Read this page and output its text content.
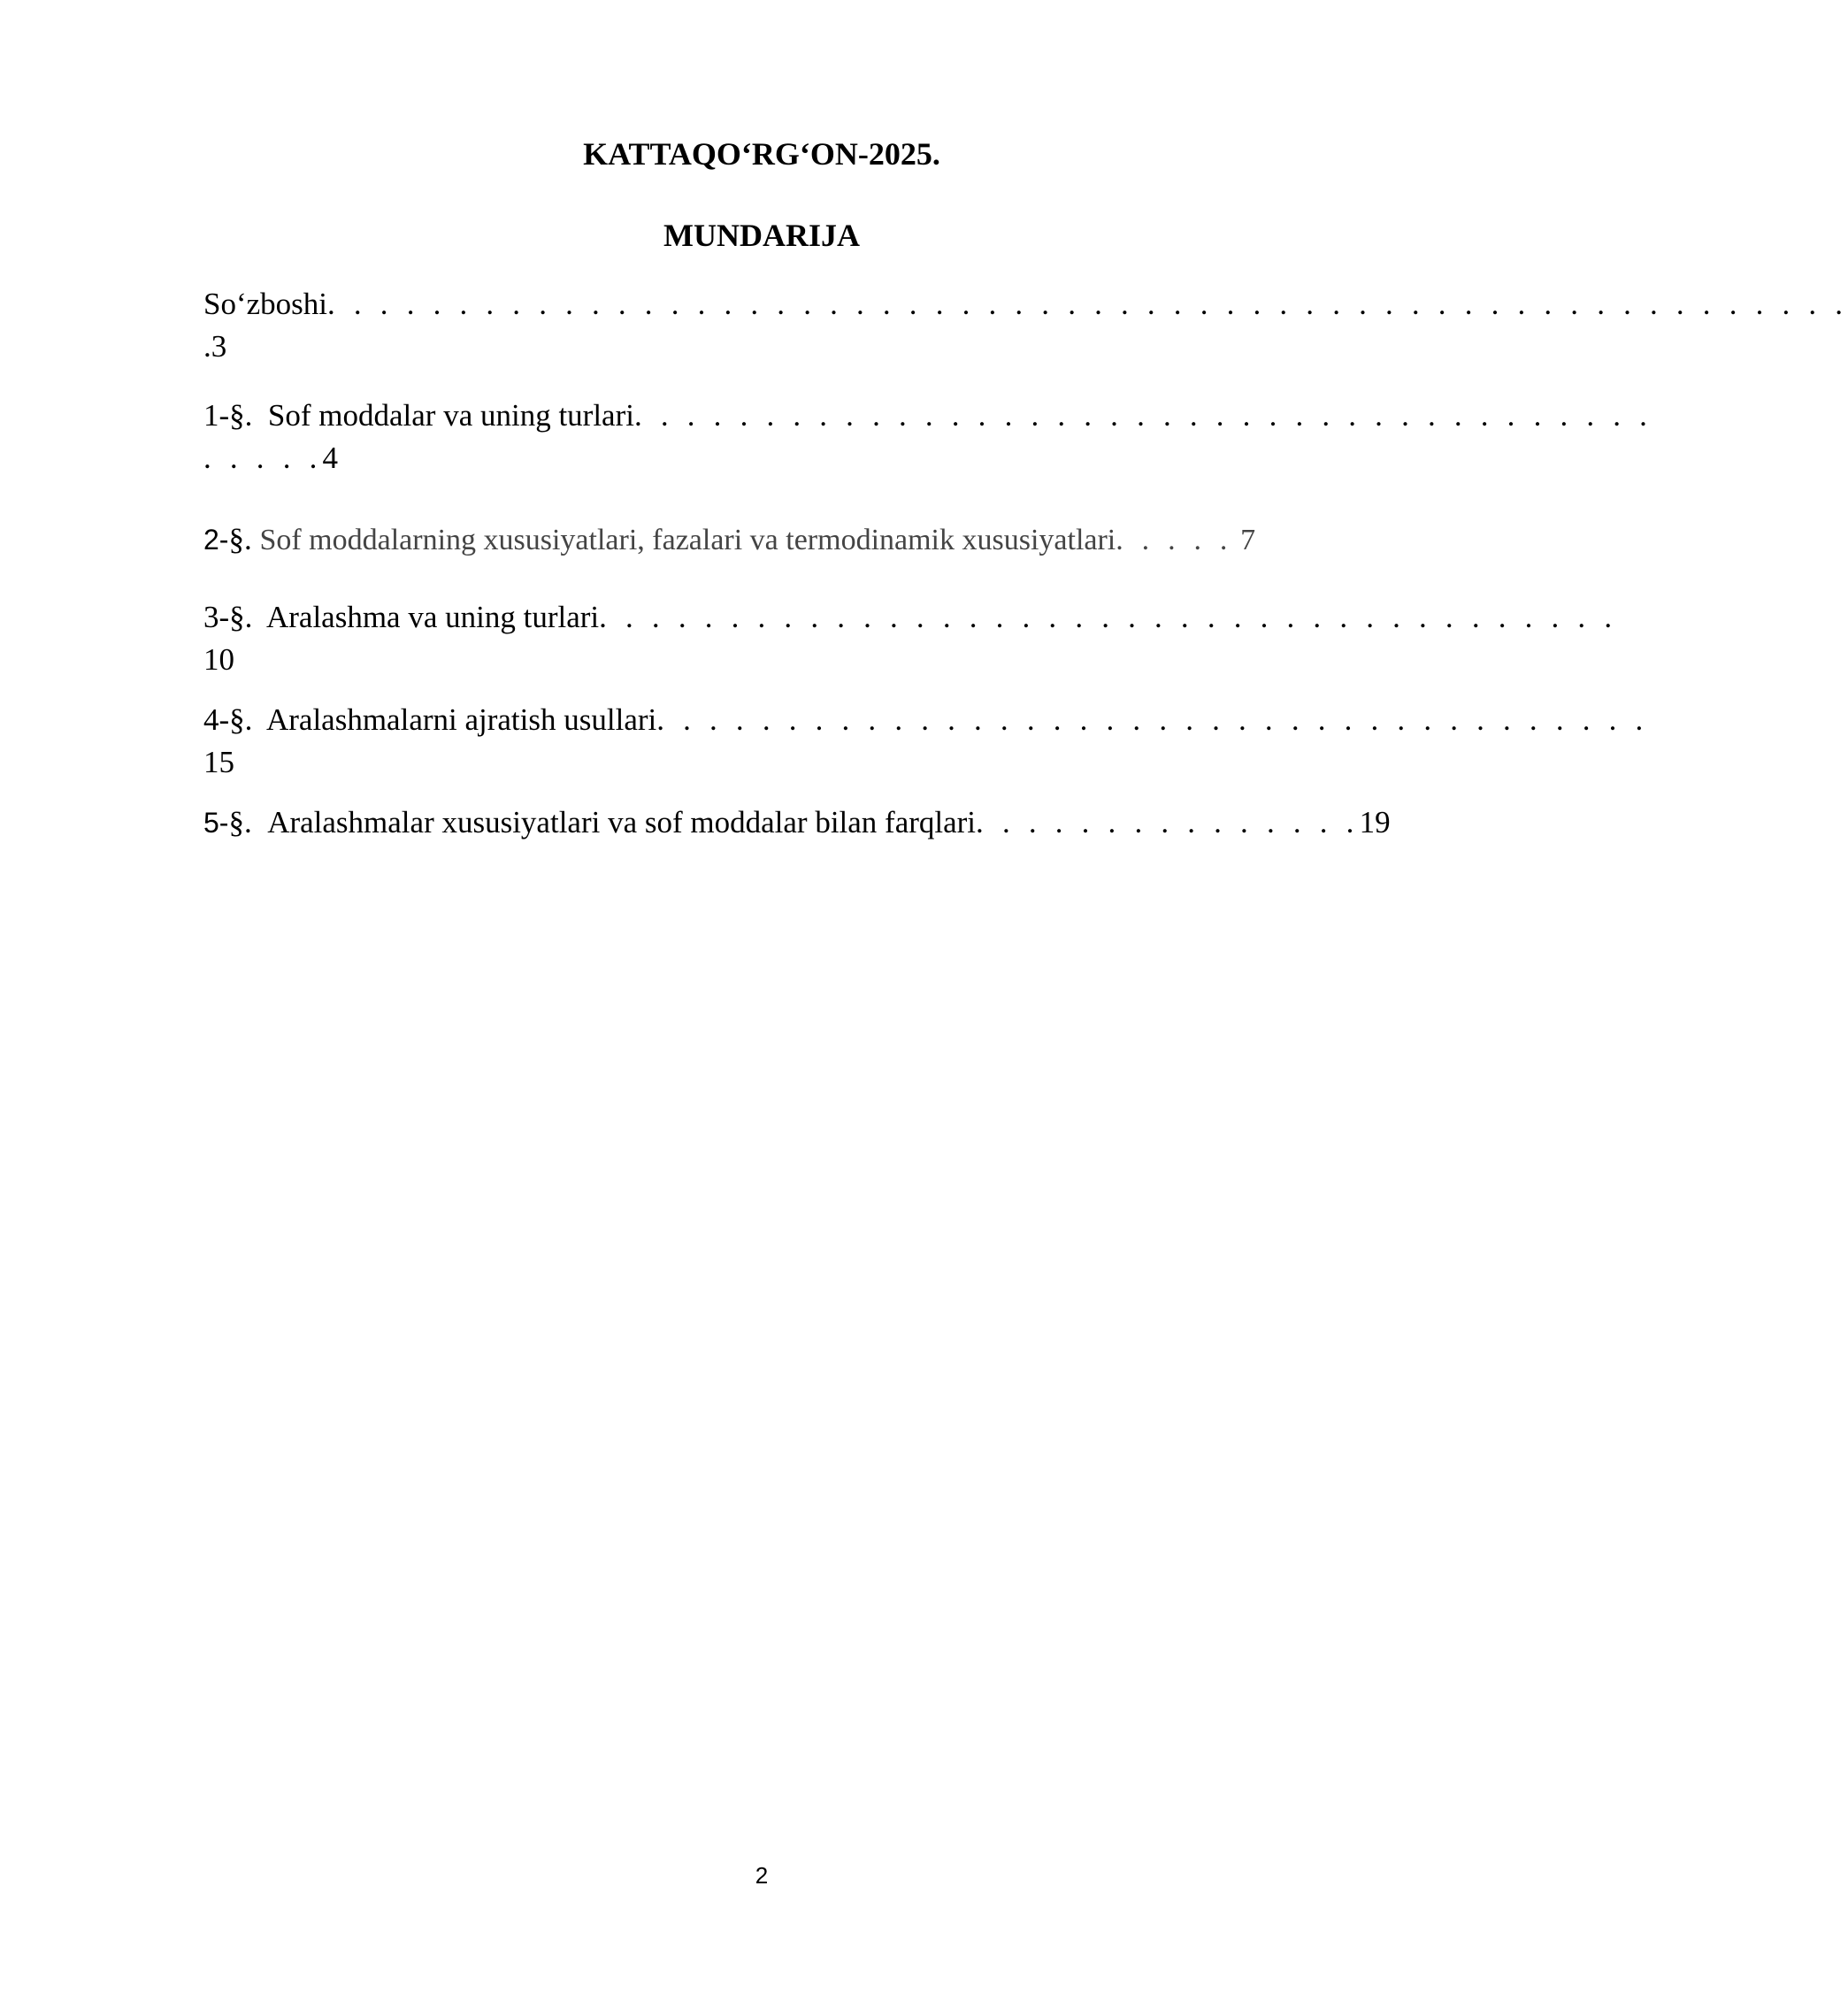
KATTAQO‘RG‘ON-2025.
MUNDARIJA
So‘zboshi. . . . . . . . . . . . . . . . . . . . . . . . . . . . . . . . . . . . . . . . . . . . . . . . . . . . . . . . . .
.3
1-§. Sof moddalar va uning turlari. . . . . . . . . . . . . . . . . . . . . . . . . . . . . . . . . . . . . . .
. . . . .4
2-§. Sof moddalarning xususiyatlari, fazalari va termodinamik xususiyatlari. . . . . 7
3-§. Aralashma va uning turlari. . . . . . . . . . . . . . . . . . . . . . . . . . . . . . . . . . . . . . .
10
4-§. Aralashmalarni ajratish usullari. . . . . . . . . . . . . . . . . . . . . . . . . . . . . . . . . . . . . .
15
5-§. Aralashmalar xususiyatlari va sof moddalar bilan farqlari. . . . . . . . . . . . . . .19
2
